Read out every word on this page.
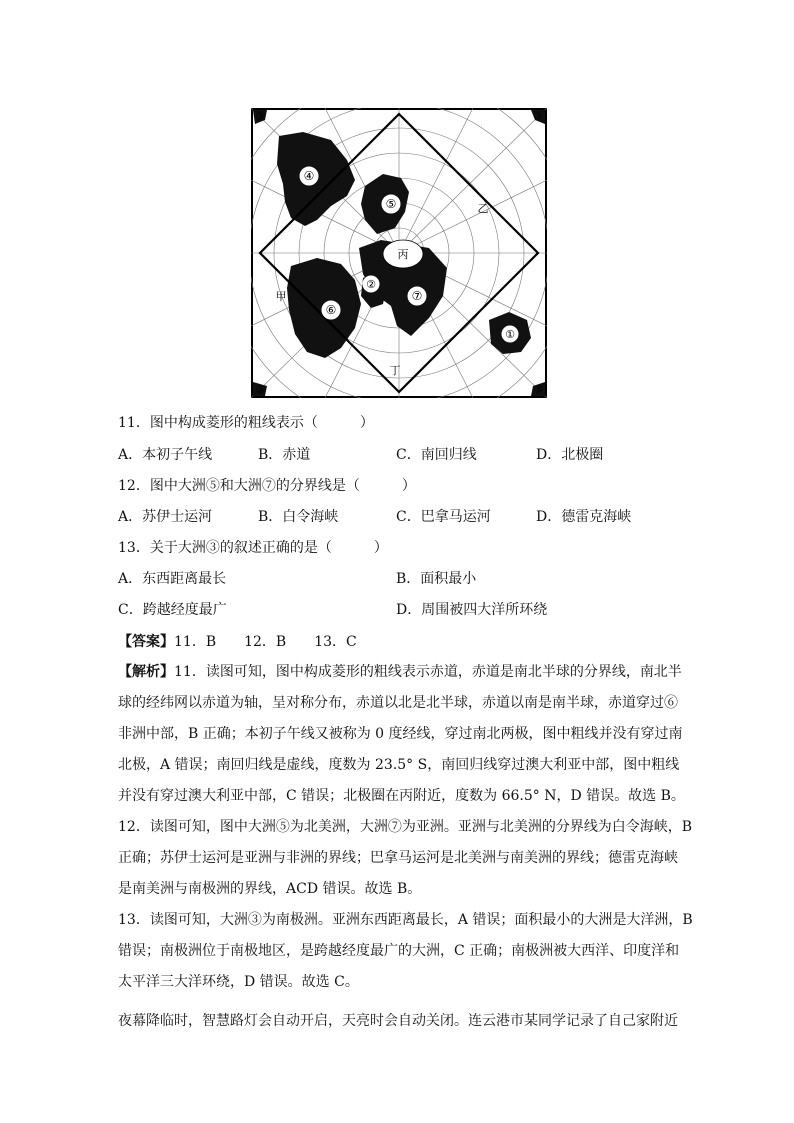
④
⑤
⑥
⑦
②
①
③	③
③	③
丙
甲
乙
丁
11．图中构成菱形的粗线表示（　　　）
A．本初子午线	B．赤道	C．南回归线	D．北极圈
12．图中大洲⑤和大洲⑦的分界线是（　　　）
A．苏伊士运河	B．白令海峡	C．巴拿马运河	D．德雷克海峡
13．关于大洲③的叙述正确的是（　　　）
A．东西距离最长	B．面积最小
C．跨越经度最广	D．周围被四大洋所环绕
【答案】11．B　　12．B　　13．C
【解析】11．读图可知，图中构成菱形的粗线表示赤道，赤道是南北半球的分界线，南北半
球的经纬网以赤道为轴，呈对称分布，赤道以北是北半球，赤道以南是南半球，赤道穿过⑥
非洲中部，B 正确；本初子午线又被称为 0 度经线，穿过南北两极，图中粗线并没有穿过南
北极，A 错误；南回归线是虚线，度数为 23.5° S，南回归线穿过澳大利亚中部，图中粗线
并没有穿过澳大利亚中部，C 错误；北极圈在丙附近，度数为 66.5° N，D 错误。故选 B。
12．读图可知，图中大洲⑤为北美洲，大洲⑦为亚洲。亚洲与北美洲的分界线为白令海峡，B
正确；苏伊士运河是亚洲与非洲的界线；巴拿马运河是北美洲与南美洲的界线；德雷克海峡
是南美洲与南极洲的界线，ACD 错误。故选 B。
13．读图可知，大洲③为南极洲。亚洲东西距离最长，A 错误；面积最小的大洲是大洋洲，B
错误；南极洲位于南极地区，是跨越经度最广的大洲，C 正确；南极洲被大西洋、印度洋和
太平洋三大洋环绕，D 错误。故选 C。
夜幕降临时，智慧路灯会自动开启，天亮时会自动关闭。连云港市某同学记录了自己家附近
